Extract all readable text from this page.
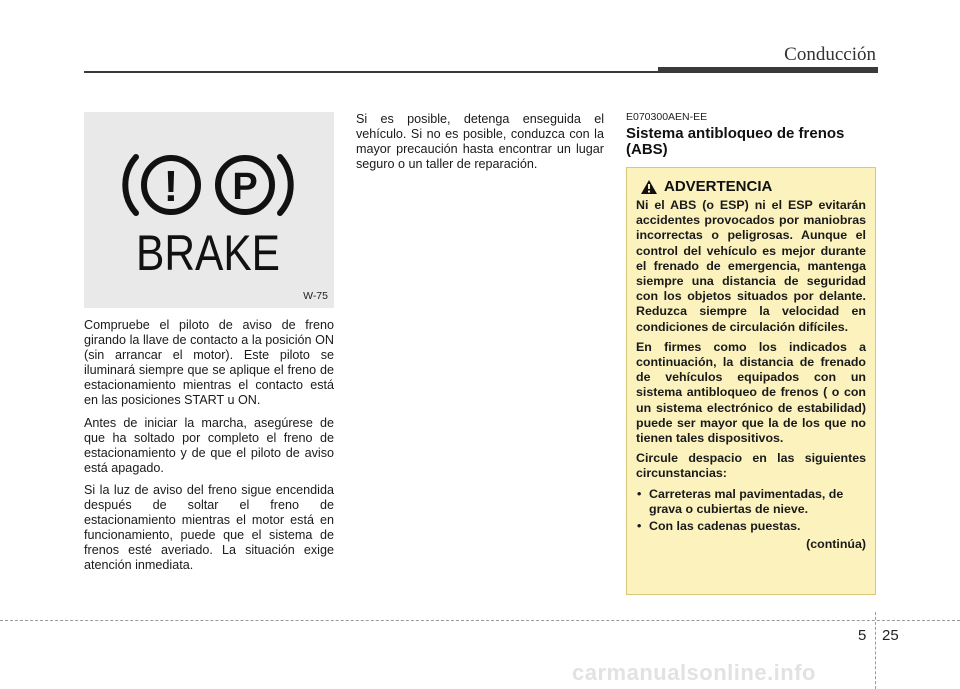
Conducción
! P
BRAKE
W-75

Compruebe el piloto de aviso de freno girando la llave de contacto a la posición ON (sin arrancar el motor). Este piloto se iluminará siempre que se aplique el freno de estacionamiento mientras el contacto está en las posiciones START u ON.

Antes de iniciar la marcha, asegúrese de que ha soltado por completo el freno de estacionamiento y de que el piloto de aviso está apagado.

Si la luz de aviso del freno sigue encendida después de soltar el freno de estacionamiento mientras el motor está en funcionamiento, puede que el sistema de frenos esté averiado. La situación exige atención inmediata.

Si es posible, detenga enseguida el vehículo. Si no es posible, conduzca con la mayor precaución hasta encontrar un lugar seguro o un taller de reparación.

E070300AEN-EE
Sistema antibloqueo de frenos (ABS)
ADVERTENCIA

Ni el ABS (o ESP) ni el ESP evitarán accidentes provocados por maniobras incorrectas o peligrosas. Aunque el control del vehículo es mejor durante el frenado de emergencia, mantenga siempre una distancia de seguridad con los objetos situados por delante. Reduzca siempre la velocidad en condiciones de circulación difíciles.

En firmes como los indicados a continuación, la distancia de frenado de vehículos equipados con un sistema antibloqueo de frenos ( o con un sistema electrónico de estabilidad) puede ser mayor que la de los que no tienen tales dispositivos.

Circule despacio en las siguientes circunstancias:

• Carreteras mal pavimentadas, de grava o cubiertas de nieve.
• Con las cadenas puestas.
(continúa)
5 25
carmanualsonline.info
